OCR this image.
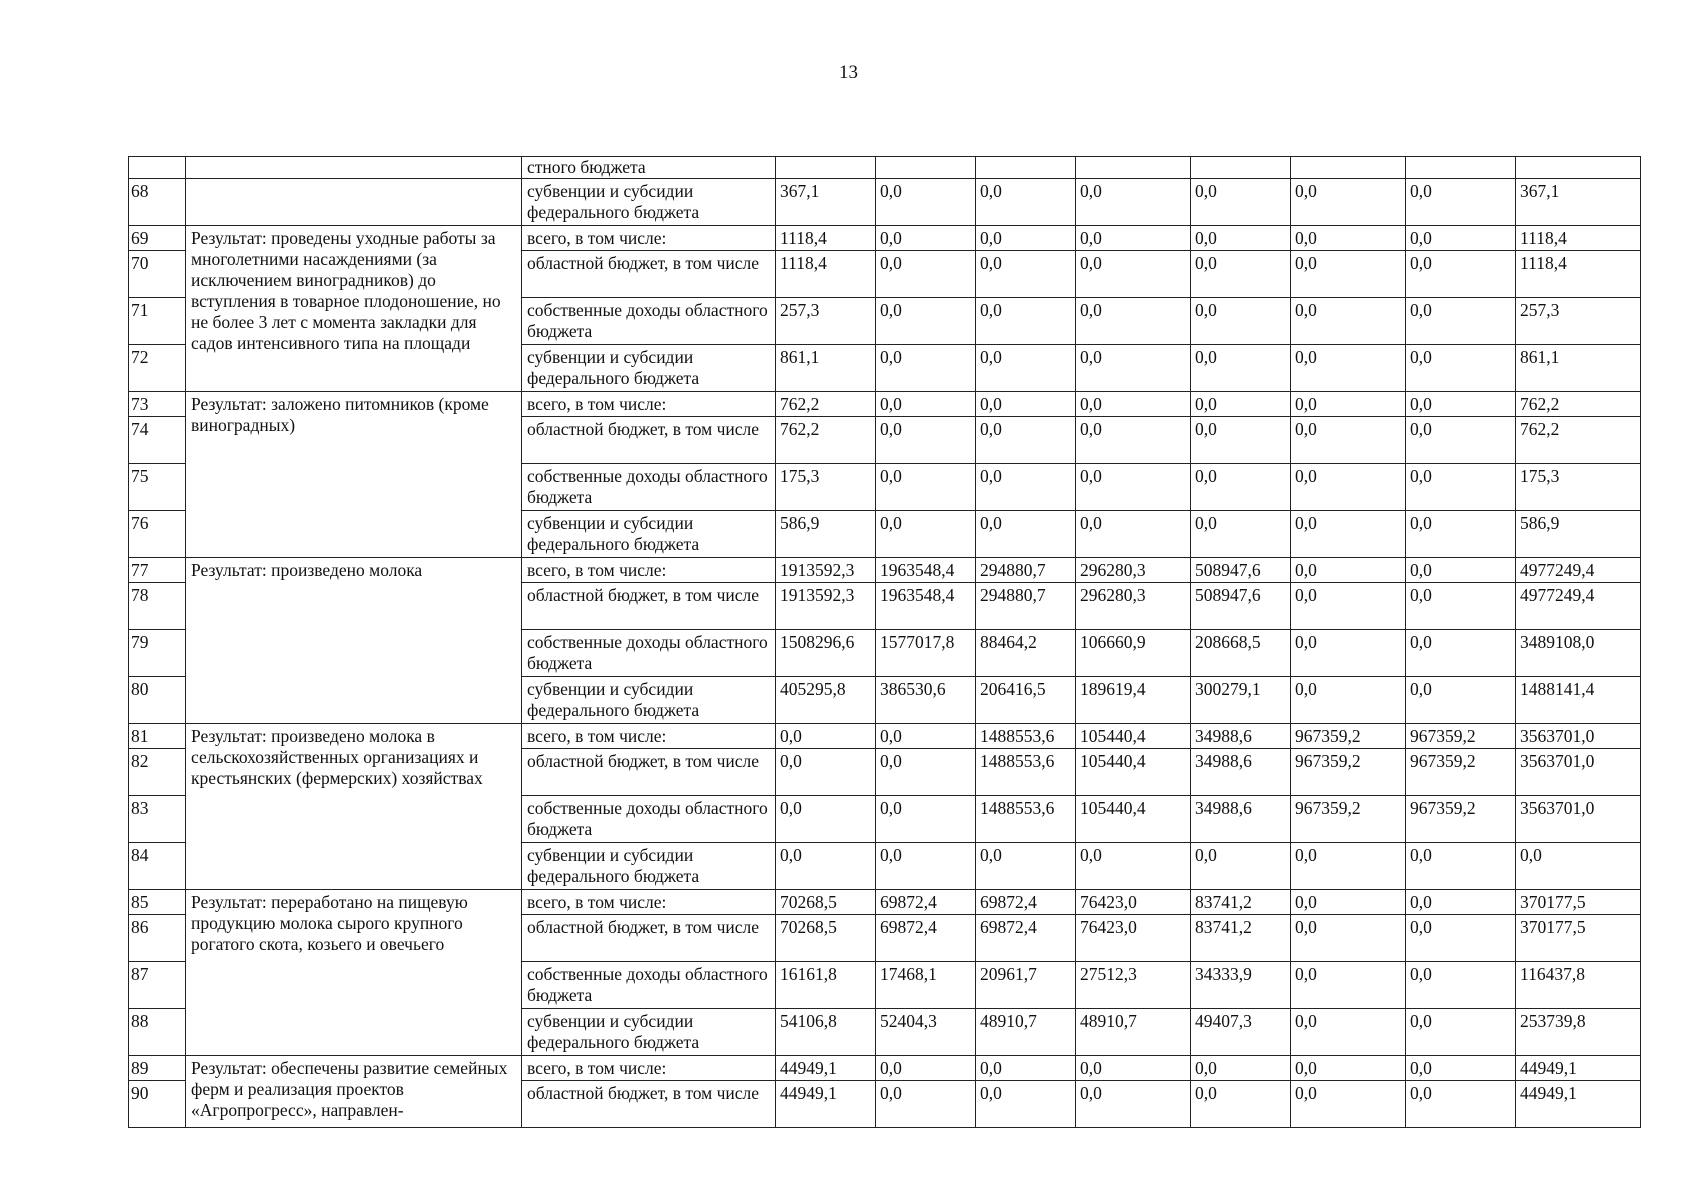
13
		стного бюджета								
68		субвенции и субсидии федерального бюджета	367,1	0,0	0,0	0,0	0,0	0,0	0,0	367,1
69	Результат: проведены уходные работы за многолетними насаждениями (за исключением виноградников) до вступления в товарное плодоношение, но не более 3 лет с момента закладки для садов интенсивного типа на площади	всего, в том числе:	1118,4	0,0	0,0	0,0	0,0	0,0	0,0	1118,4
70		областной бюджет, в том числе	1118,4	0,0	0,0	0,0	0,0	0,0	0,0	1118,4
71		собственные доходы областного бюджета	257,3	0,0	0,0	0,0	0,0	0,0	0,0	257,3
72		субвенции и субсидии федерального бюджета	861,1	0,0	0,0	0,0	0,0	0,0	0,0	861,1
73	Результат: заложено питомников (кроме виноградных)	всего, в том числе:	762,2	0,0	0,0	0,0	0,0	0,0	0,0	762,2
74		областной бюджет, в том числе	762,2	0,0	0,0	0,0	0,0	0,0	0,0	762,2
75		собственные доходы областного бюджета	175,3	0,0	0,0	0,0	0,0	0,0	0,0	175,3
76		субвенции и субсидии федерального бюджета	586,9	0,0	0,0	0,0	0,0	0,0	0,0	586,9
77	Результат: произведено молока	всего, в том числе:	1913592,3	1963548,4	294880,7	296280,3	508947,6	0,0	0,0	4977249,4
78		областной бюджет, в том числе	1913592,3	1963548,4	294880,7	296280,3	508947,6	0,0	0,0	4977249,4
79		собственные доходы областного бюджета	1508296,6	1577017,8	88464,2	106660,9	208668,5	0,0	0,0	3489108,0
80		субвенции и субсидии федерального бюджета	405295,8	386530,6	206416,5	189619,4	300279,1	0,0	0,0	1488141,4
81	Результат: произведено молока в сельскохозяйственных организациях и крестьянских (фермерских) хозяйствах	всего, в том числе:	0,0	0,0	1488553,6	105440,4	34988,6	967359,2	967359,2	3563701,0
82		областной бюджет, в том числе	0,0	0,0	1488553,6	105440,4	34988,6	967359,2	967359,2	3563701,0
83		собственные доходы областного бюджета	0,0	0,0	1488553,6	105440,4	34988,6	967359,2	967359,2	3563701,0
84		субвенции и субсидии федерального бюджета	0,0	0,0	0,0	0,0	0,0	0,0	0,0	0,0
85	Результат: переработано на пищевую продукцию молока сырого крупного рогатого скота, козьего и овечьего	всего, в том числе:	70268,5	69872,4	69872,4	76423,0	83741,2	0,0	0,0	370177,5
86		областной бюджет, в том числе	70268,5	69872,4	69872,4	76423,0	83741,2	0,0	0,0	370177,5
87		собственные доходы областного бюджета	16161,8	17468,1	20961,7	27512,3	34333,9	0,0	0,0	116437,8
88		субвенции и субсидии федерального бюджета	54106,8	52404,3	48910,7	48910,7	49407,3	0,0	0,0	253739,8
89	Результат: обеспечены развитие семейных ферм и реализация проектов «Агропрогресс», направлен-	всего, в том числе:	44949,1	0,0	0,0	0,0	0,0	0,0	0,0	44949,1
90		областной бюджет, в том числе	44949,1	0,0	0,0	0,0	0,0	0,0	0,0	44949,1
